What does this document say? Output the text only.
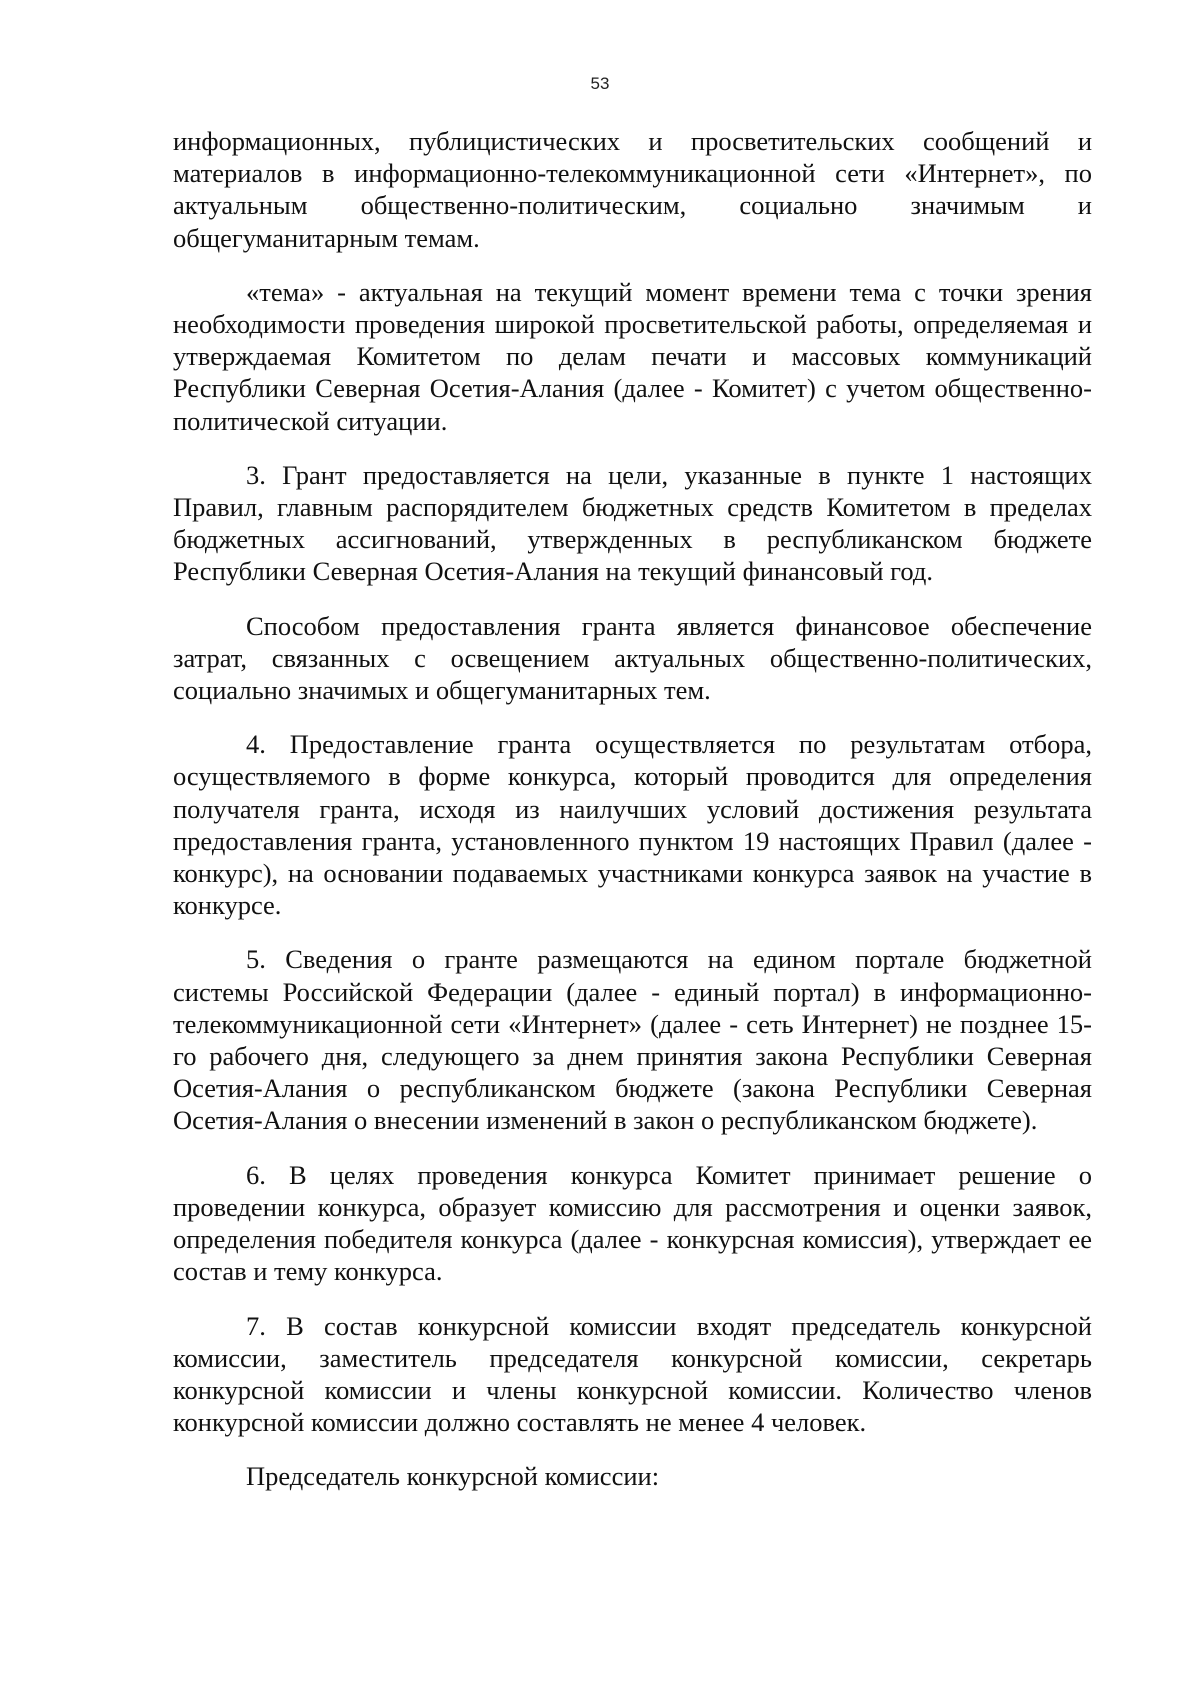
53

информационных, публицистических и просветительских сообщений и материалов в информационно-телекоммуникационной сети «Интернет», по актуальным общественно-политическим, социально значимым и общегуманитарным темам.

«тема» - актуальная на текущий момент времени тема с точки зрения необходимости проведения широкой просветительской работы, определяемая и утверждаемая Комитетом по делам печати и массовых коммуникаций Республики Северная Осетия-Алания (далее - Комитет) с учетом общественно-политической ситуации.

3. Грант предоставляется на цели, указанные в пункте 1 настоящих Правил, главным распорядителем бюджетных средств Комитетом в пределах бюджетных ассигнований, утвержденных в республиканском бюджете Республики Северная Осетия-Алания на текущий финансовый год.

Способом предоставления гранта является финансовое обеспечение затрат, связанных с освещением актуальных общественно-политических, социально значимых и общегуманитарных тем.

4. Предоставление гранта осуществляется по результатам отбора, осуществляемого в форме конкурса, который проводится для определения получателя гранта, исходя из наилучших условий достижения результата предоставления гранта, установленного пунктом 19 настоящих Правил (далее - конкурс), на основании подаваемых участниками конкурса заявок на участие в конкурсе.

5. Сведения о гранте размещаются на едином портале бюджетной системы Российской Федерации (далее - единый портал) в информационно-телекоммуникационной сети «Интернет» (далее - сеть Интернет) не позднее 15-го рабочего дня, следующего за днем принятия закона Республики Северная Осетия-Алания о республиканском бюджете (закона Республики Северная Осетия-Алания о внесении изменений в закон о республиканском бюджете).

6. В целях проведения конкурса Комитет принимает решение о проведении конкурса, образует комиссию для рассмотрения и оценки заявок, определения победителя конкурса (далее - конкурсная комиссия), утверждает ее состав и тему конкурса.

7. В состав конкурсной комиссии входят председатель конкурсной комиссии, заместитель председателя конкурсной комиссии, секретарь конкурсной комиссии и члены конкурсной комиссии. Количество членов конкурсной комиссии должно составлять не менее 4 человек.

Председатель конкурсной комиссии:
